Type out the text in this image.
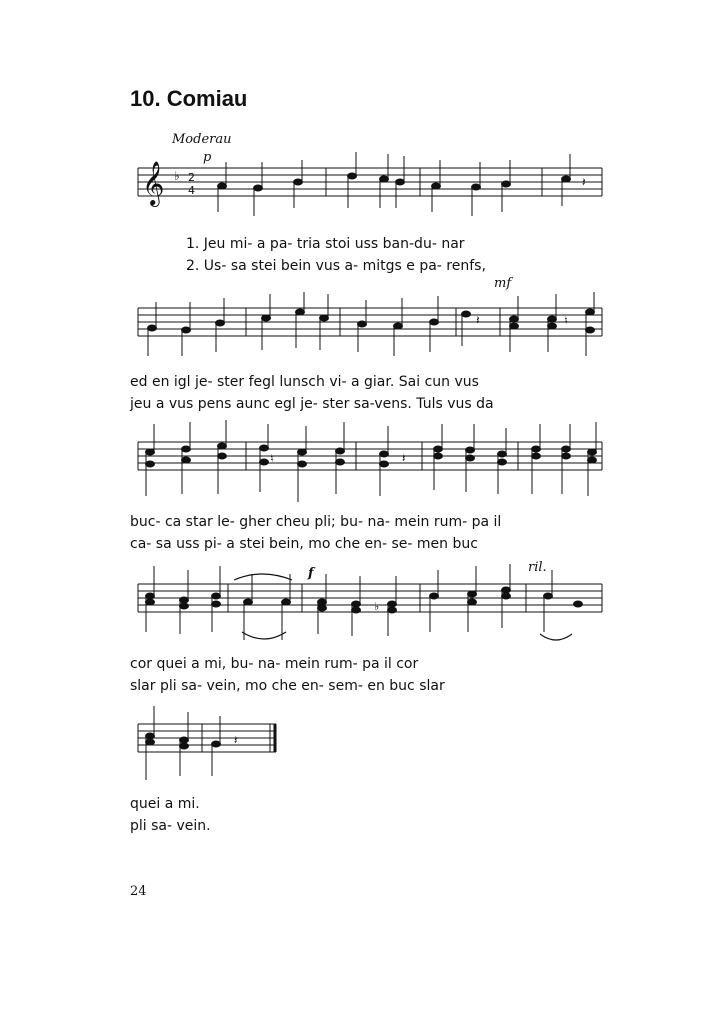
10. Comiau
Moderau
p
mf
f	ril.
𝄞 ♭ 2
4
𝄽
1. Jeu mi- a pa- tria stoi uss ban-du- nar
2. Us- sa stei bein vus a- mitgs e pa- renfs,
𝄽	♮
ed en igl je- ster fegl lunsch vi- a giar. Sai cun vus
jeu a vus pens aunc egl je- ster sa-vens. Tuls vus da
𝄽
♮
buc- ca star le- gher cheu pli; bu- na- mein rum- pa il
ca- sa uss pi- a stei bein, mo che en- se- men buc
♭
cor quei a mi, bu- na- mein rum- pa il cor
slar pli sa- vein, mo che en- sem- en buc slar
𝄽
quei a mi.
pli sa- vein.
24
